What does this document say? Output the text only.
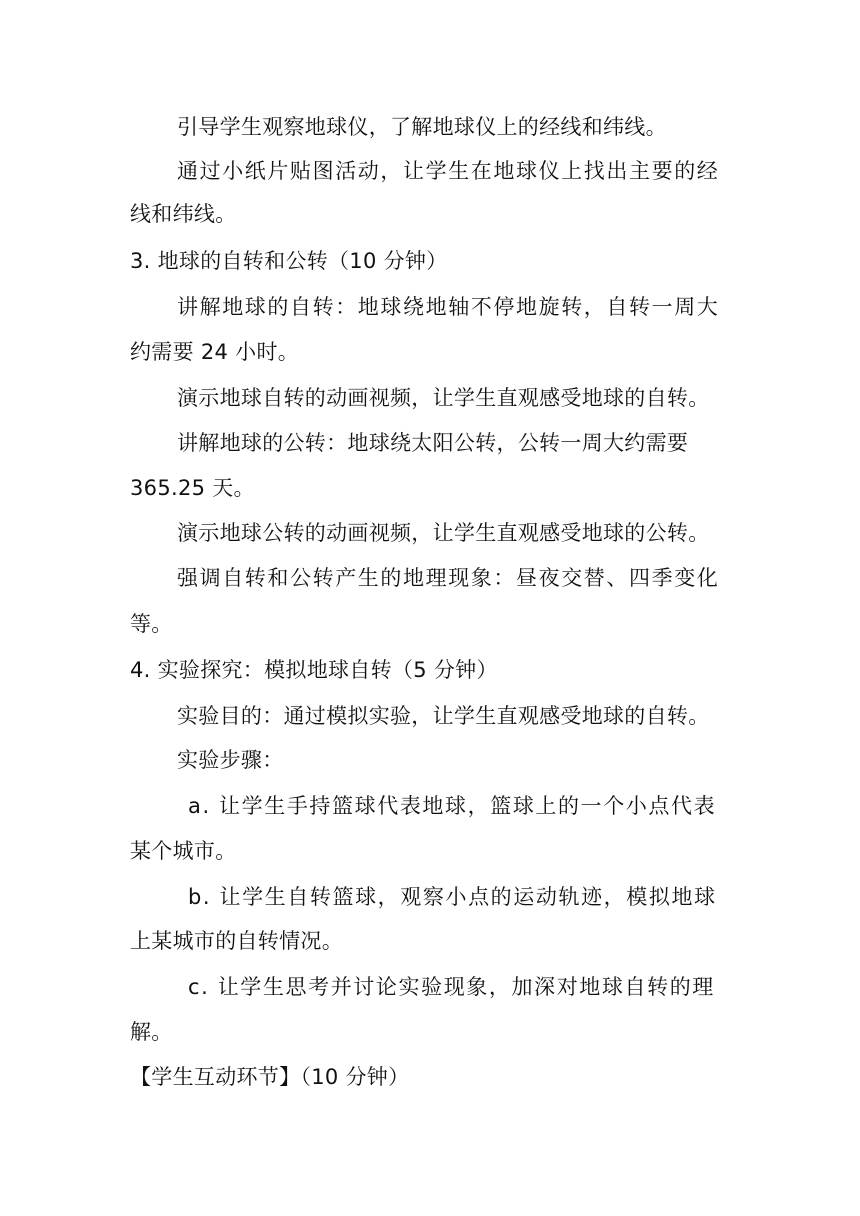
引导学生观察地球仪，了解地球仪上的经线和纬线。
通过小纸片贴图活动，让学生在地球仪上找出主要的经
线和纬线。
3. 地球的自转和公转（10 分钟）
讲解地球的自转：地球绕地轴不停地旋转，自转一周大
约需要 24 小时。
演示地球自转的动画视频，让学生直观感受地球的自转。
讲解地球的公转：地球绕太阳公转，公转一周大约需要
365.25 天。
演示地球公转的动画视频，让学生直观感受地球的公转。
强调自转和公转产生的地理现象：昼夜交替、四季变化
等。
4. 实验探究：模拟地球自转（5 分钟）
实验目的：通过模拟实验，让学生直观感受地球的自转。
实验步骤：
a. 让学生手持篮球代表地球，篮球上的一个小点代表
某个城市。
b. 让学生自转篮球，观察小点的运动轨迹，模拟地球
上某城市的自转情况。
c. 让学生思考并讨论实验现象，加深对地球自转的理
解。
【学生互动环节】（10 分钟）
